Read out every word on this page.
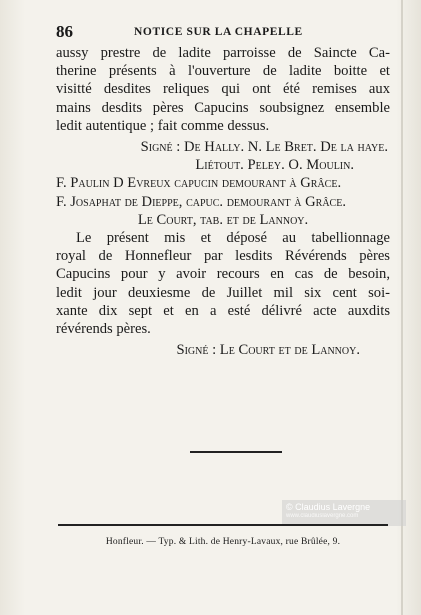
86	NOTICE SUR LA CHAPELLE
aussy prestre de ladite parroisse de Saincte Ca-
therine présents à l'ouverture de ladite boitte et
visitté desdites reliques qui ont été remises aux
mains desdits pères Capucins soubsignez ensemble
ledit autentique ; fait comme dessus.
Signé : De Hally. N. Le Bret. De la haye.
Liétout. Peley. O. Moulin.
F. Paulin D Evreux capucin demourant à Grâce.
F. Josaphat de Dieppe, capuc. demourant à Grâce.
Le Court, tab. et de Lannoy.
Le présent mis et déposé au tabellionnage
royal de Honnefleur par lesdits Révérends pères
Capucins pour y avoir recours en cas de besoin,
ledit jour deuxiesme de Juillet mil six cent soi-
xante dix sept et en a esté délivré acte auxdits
révérends pères.
Signé : Le Court et de Lannoy.
© Claudius Lavergne
www.claudiuslavergne.com
Honfleur. — Typ. & Lith. de Henry-Lavaux, rue Brûlée, 9.
